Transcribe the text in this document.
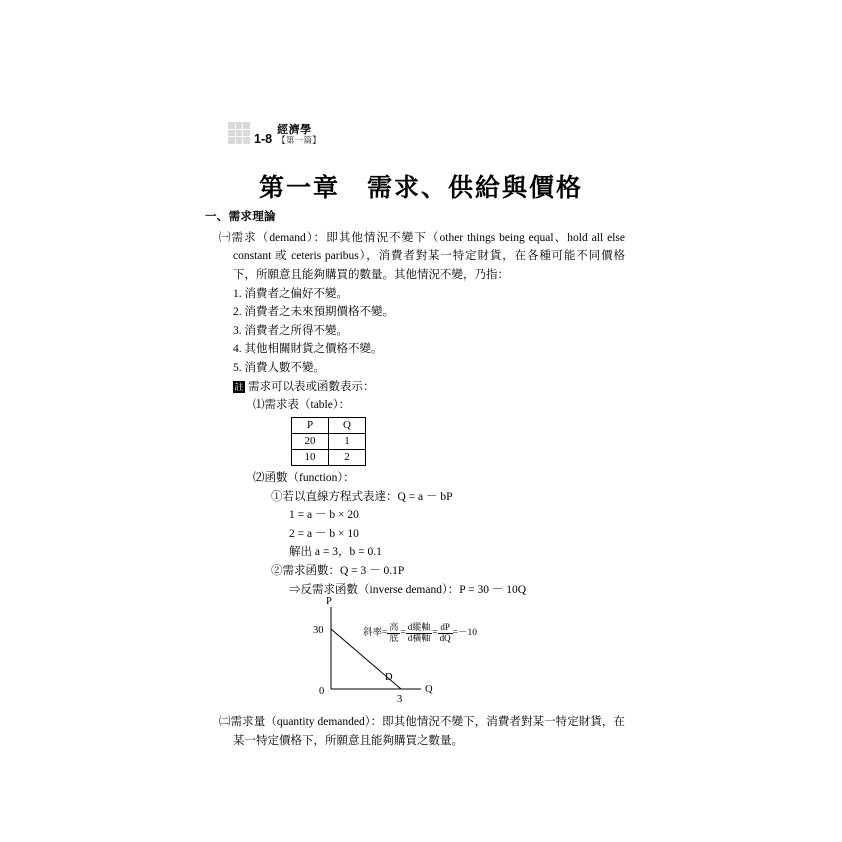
1-8
經濟學
【第一篇】
第一章　需求、供給與價格
一、需求理論
㈠需求（demand）：即其他情況不變下（other things being equal、hold all else constant 或 ceteris paribus），消費者對某一特定財貨，在各種可能不同價格下，所願意且能夠購買的數量。其他情況不變，乃指：
1. 消費者之偏好不變。
2. 消費者之未來預期價格不變。
3. 消費者之所得不變。
4. 其他相關財貨之價格不變。
5. 消費人數不變。
註 需求可以表或函數表示：
⑴需求表（table）：
P	Q
20	1
10	2
⑵函數（function）：
①若以直線方程式表達：Q = a － bP
1 = a － b × 20
2 = a － b × 10
解出 a = 3，b = 0.1
②需求函數：Q = 3 － 0.1P
⇒反需求函數（inverse demand）：P = 30 － 10Q
P
Q
0
30
3
D
斜率 = $\frac{\text{高}}{\text{底}} = \frac{\text{d縱軸}}{\text{d橫軸}} = \frac{dP}{dQ} = -10$
㈡需求量（quantity demanded）：即其他情況不變下，消費者對某一特定財貨，在某一特定價格下，所願意且能夠購買之數量。
